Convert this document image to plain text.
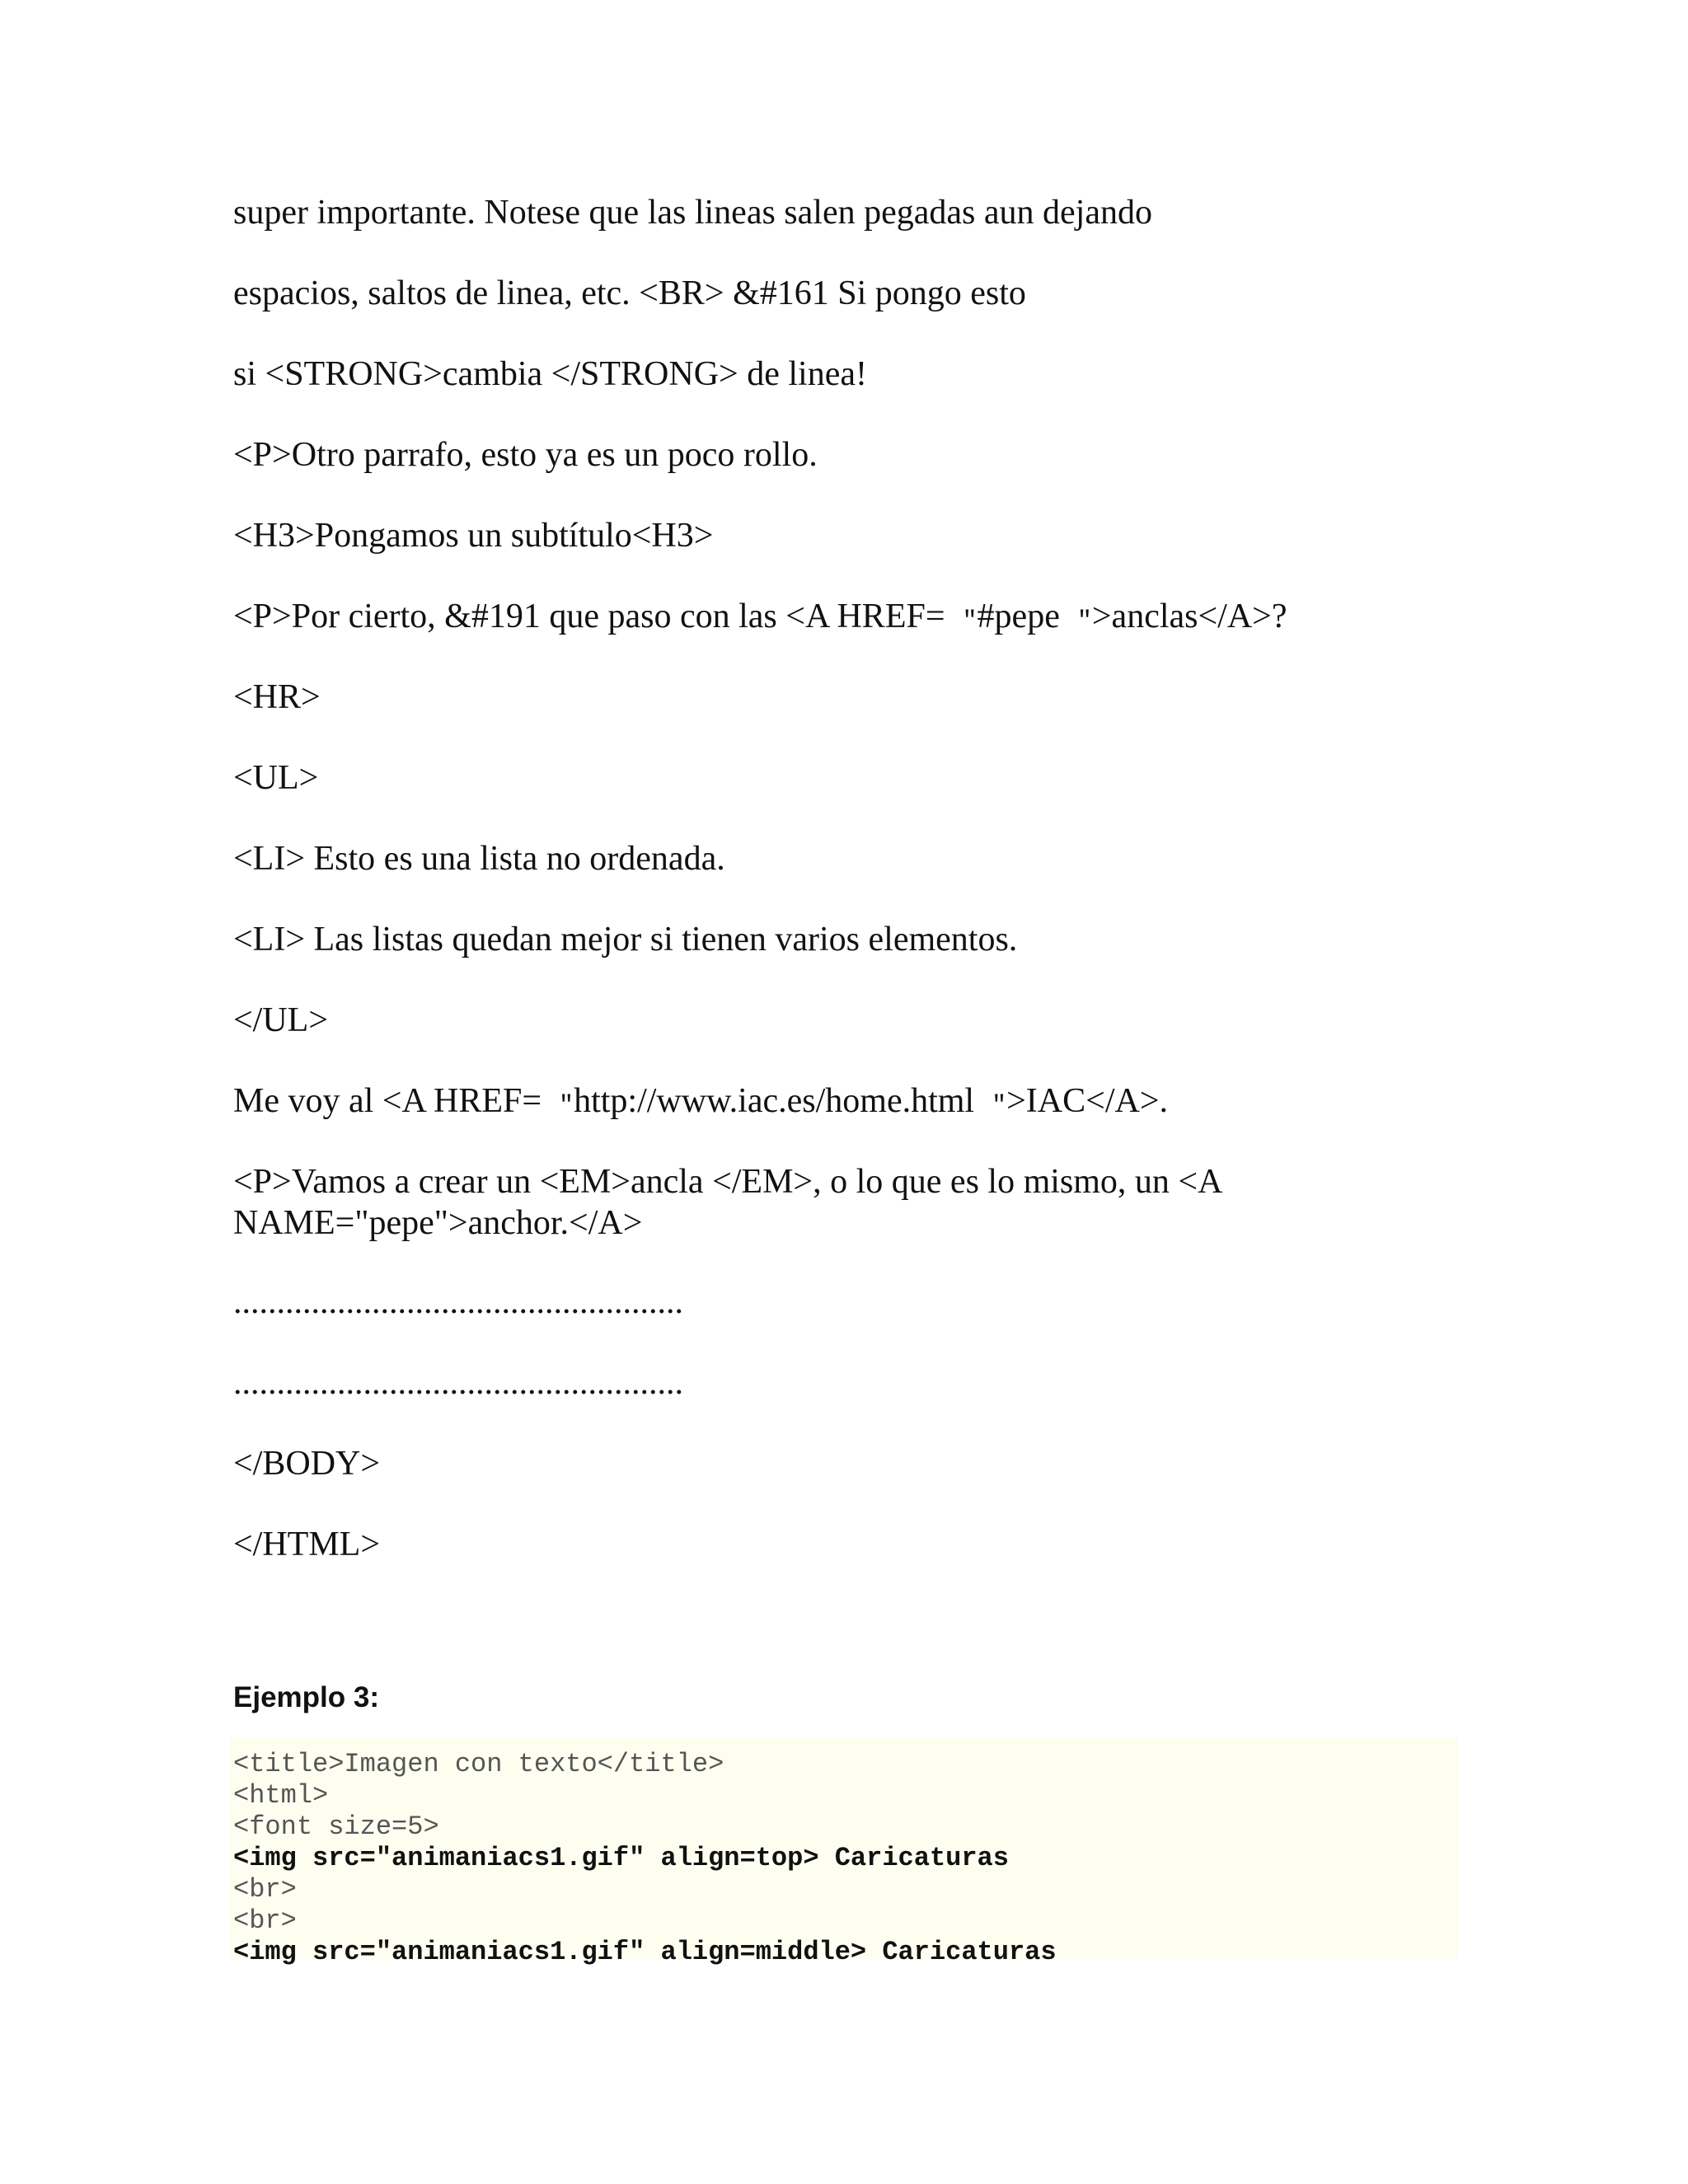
super importante. Notese que las lineas salen pegadas aun dejando

espacios, saltos de linea, etc. <BR> &#161 Si pongo esto

si <STRONG>cambia </STRONG> de linea!

<P>Otro parrafo, esto ya es un poco rollo.

<H3>Pongamos un subtítulo<H3>

<P>Por cierto, &#191 que paso con las <A HREF=  "#pepe  ">anclas</A>?

<HR>

<UL>

<LI> Esto es una lista no ordenada.

<LI> Las listas quedan mejor si tienen varios elementos.

</UL>

Me voy al <A HREF=  "http://www.iac.es/home.html  ">IAC</A>.

<P>Vamos a crear un <EM>ancla </EM>, o lo que es lo mismo, un <A NAME="pepe">anchor.</A>

....................................................

....................................................

</BODY>

</HTML>

Ejemplo 3:

<title>Imagen con texto</title>
<html>
<font size=5>
<img src="animaniacs1.gif" align=top> Caricaturas
<br>
<br>
<img src="animaniacs1.gif" align=middle> Caricaturas
